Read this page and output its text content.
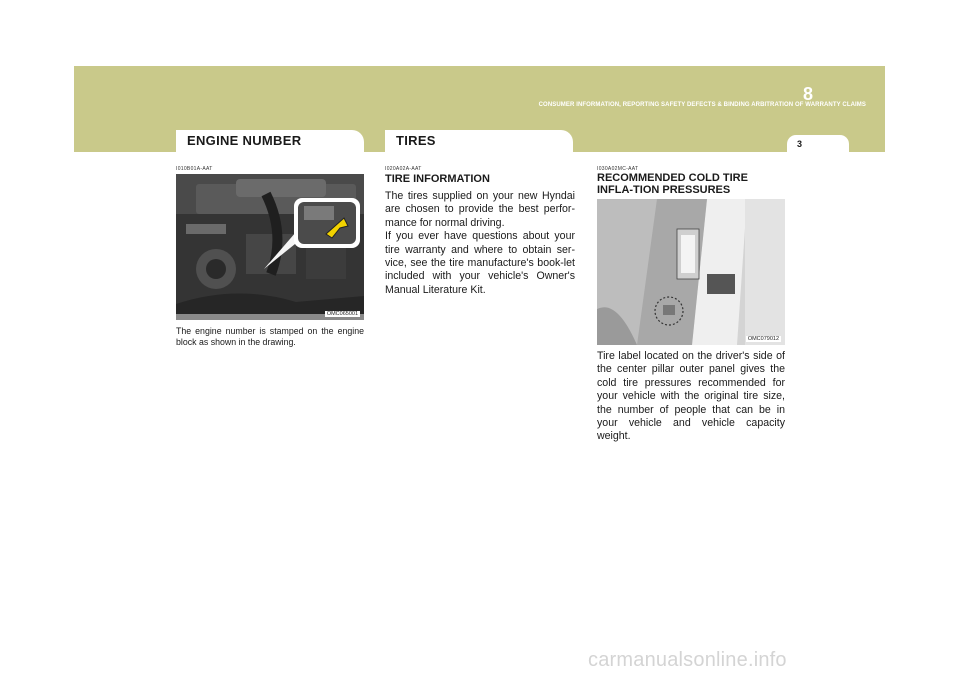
CONSUMER INFORMATION, REPORTING SAFETY DEFECTS & BINDING ARBITRATION OF WARRANTY CLAIMS
8
3
ENGINE NUMBER	TIRES
I010B01A-AAT
OMC065001
The engine number is stamped on the engine block as shown in the drawing.
I020A02A-AAT
TIRE INFORMATION
The tires supplied on your new Hyndai are chosen to provide the best perfor-mance for normal driving.
If you ever have questions about your tire warranty and where to obtain ser-vice, see the tire manufacture's book-let included with your vehicle's Owner's Manual Literature Kit.
I030A02MC-AAT
RECOMMENDED COLD TIRE INFLA-TION PRESSURES
OMC079012
Tire label located on the driver's side of the center pillar outer panel gives the cold tire pressures recommended for your vehicle with the original tire size, the number of people that can be in your vehicle and vehicle capacity weight.
carmanualsonline.info
